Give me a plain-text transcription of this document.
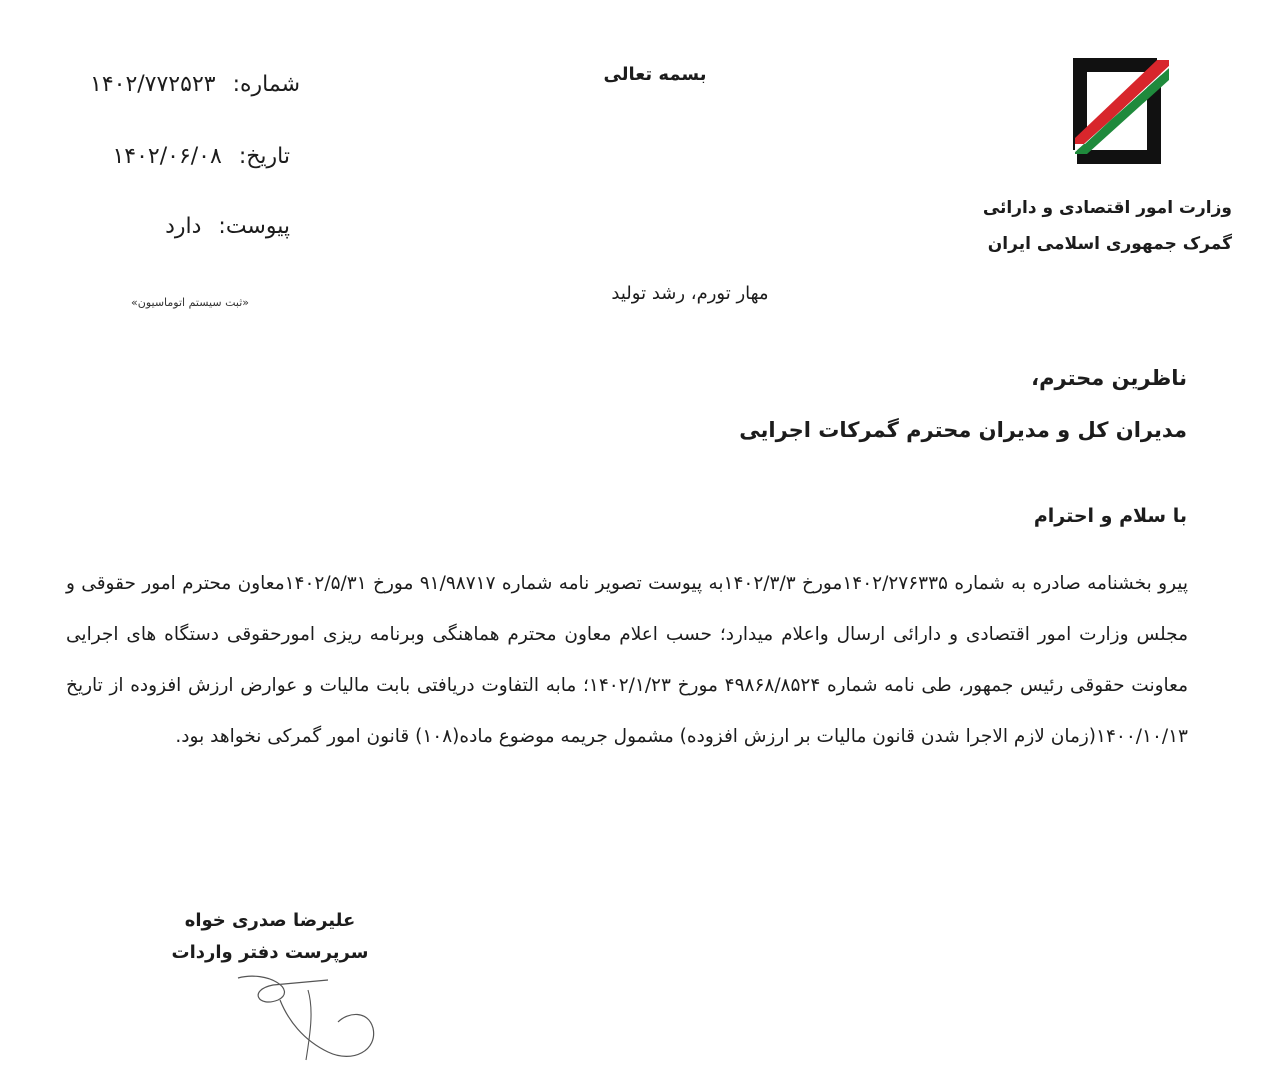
وزارت امور اقتصادی و دارائی
گمرک جمهوری اسلامی ایران
بسمه تعالی
شماره: ۱۴۰۲/۷۷۲۵۲۳
تاریخ: ۱۴۰۲/۰۶/۰۸
پیوست: دارد
«ثبت سیستم اتوماسیون»	مهار تورم، رشد تولید
ناظرین محترم،
مدیران کل و مدیران محترم گمرکات اجرایی
با سلام و احترام
پیرو بخشنامه صادره به شماره ۱۴۰۲/۲۷۶۳۳۵مورخ ۱۴۰۲/۳/۳به پیوست تصویر نامه شماره ۹۱/۹۸۷۱۷ مورخ ۱۴۰۲/۵/۳۱معاون محترم امور حقوقی و مجلس وزارت امور اقتصادی و دارائی ارسال واعلام میدارد؛ حسب اعلام معاون محترم هماهنگی وبرنامه ریزی امورحقوقی دستگاه های اجرایی معاونت حقوقی رئیس جمهور، طی نامه شماره ۴۹۸۶۸/۸۵۲۴ مورخ ۱۴۰۲/۱/۲۳؛ مابه التفاوت دریافتی بابت مالیات و عوارض ارزش افزوده از تاریخ ۱۴۰۰/۱۰/۱۳(زمان لازم الاجرا شدن قانون مالیات بر ارزش افزوده) مشمول جریمه موضوع ماده(۱۰۸) قانون امور گمرکی نخواهد بود.
علیرضا صدری خواه
سرپرست دفتر واردات
